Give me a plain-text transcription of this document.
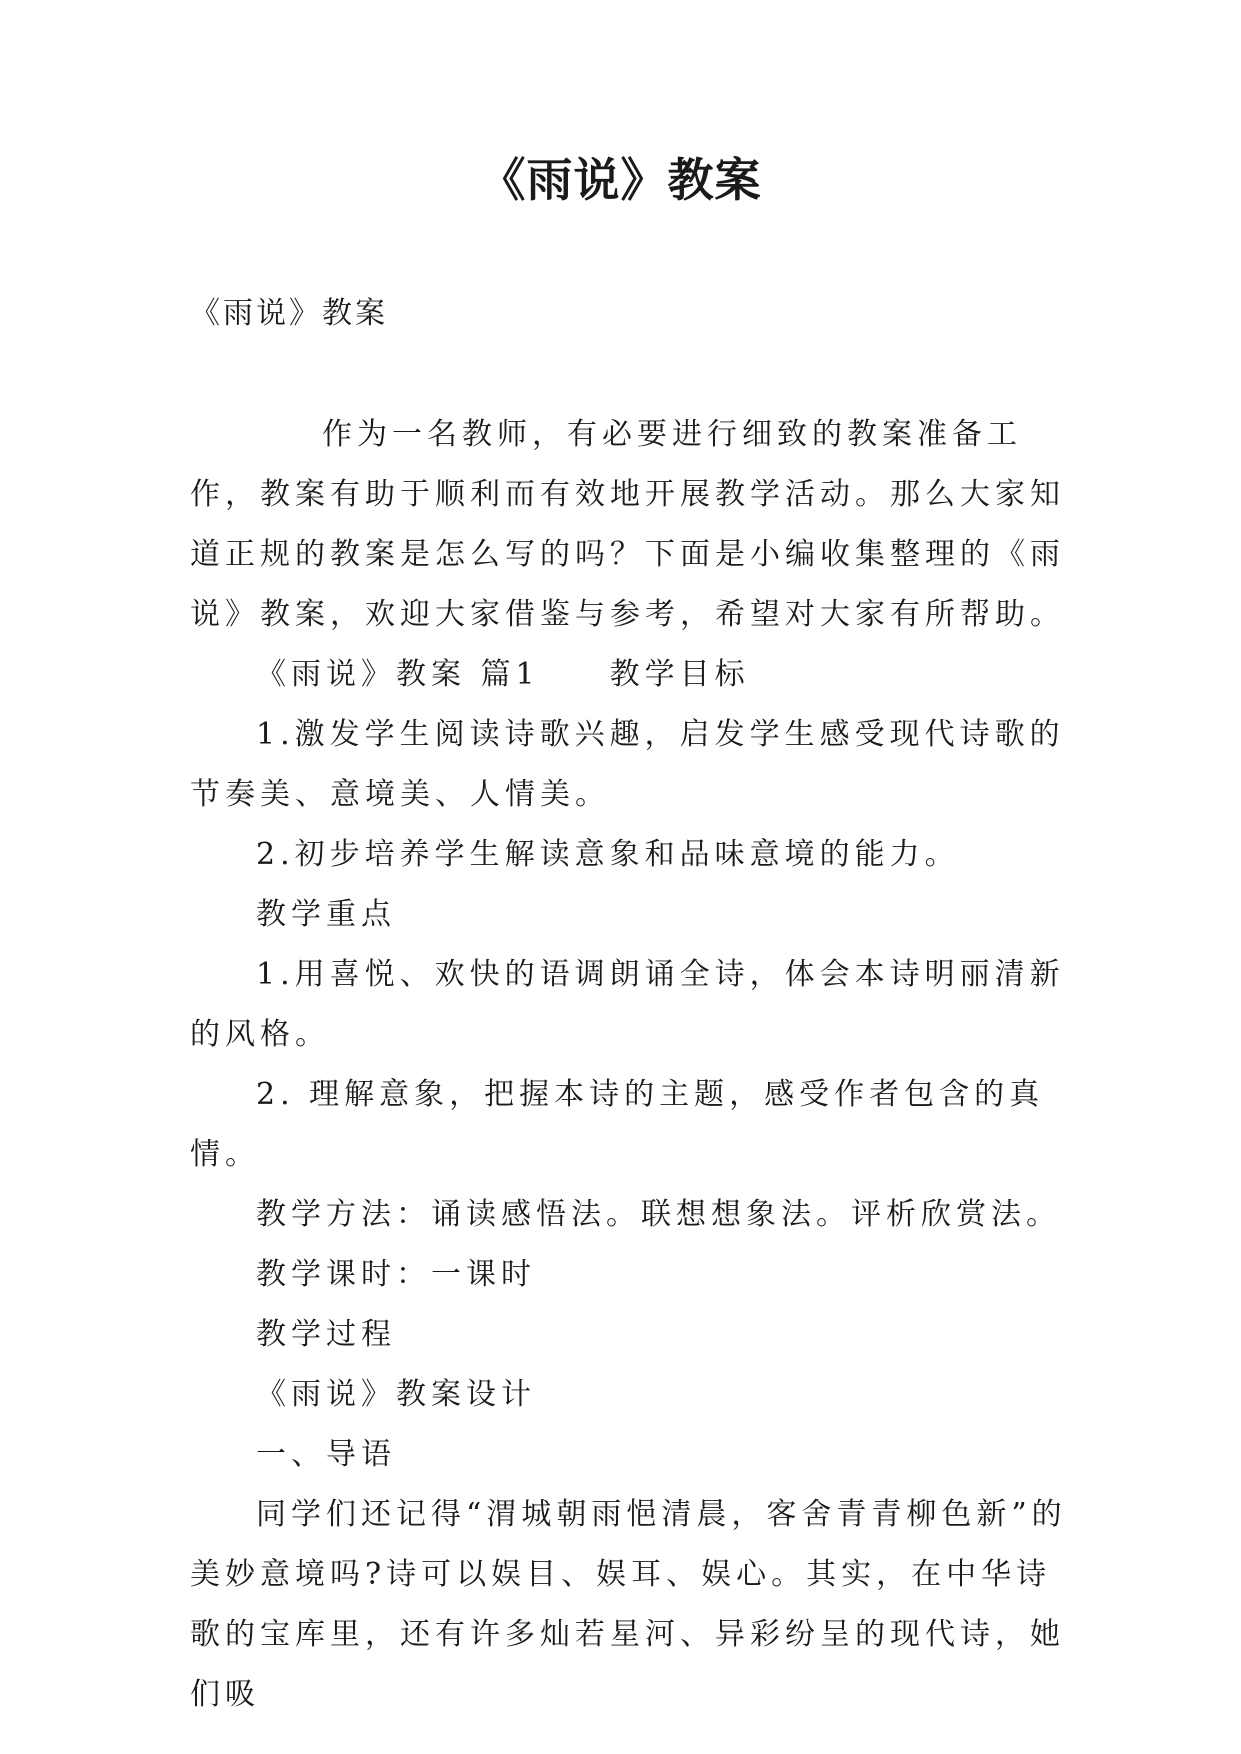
《雨说》教案
《雨说》教案

作为一名教师，有必要进行细致的教案准备工作，教案有助于顺利而有效地开展教学活动。那么大家知道正规的教案是怎么写的吗？下面是小编收集整理的《雨说》教案，欢迎大家借鉴与参考，希望对大家有所帮助。

《雨说》教案 篇1　　教学目标

1.激发学生阅读诗歌兴趣，启发学生感受现代诗歌的节奏美、意境美、人情美。

2.初步培养学生解读意象和品味意境的能力。

教学重点

1.用喜悦、欢快的语调朗诵全诗，体会本诗明丽清新的风格。

2. 理解意象，把握本诗的主题，感受作者包含的真情。

教学方法：诵读感悟法。联想想象法。评析欣赏法。

教学课时：一课时

教学过程

《雨说》教案设计

一、导语

同学们还记得“渭城朝雨悒清晨，客舍青青柳色新”的美妙意境吗?诗可以娱目、娱耳、娱心。其实，在中华诗歌的宝库里，还有许多灿若星河、异彩纷呈的现代诗，她们吸
